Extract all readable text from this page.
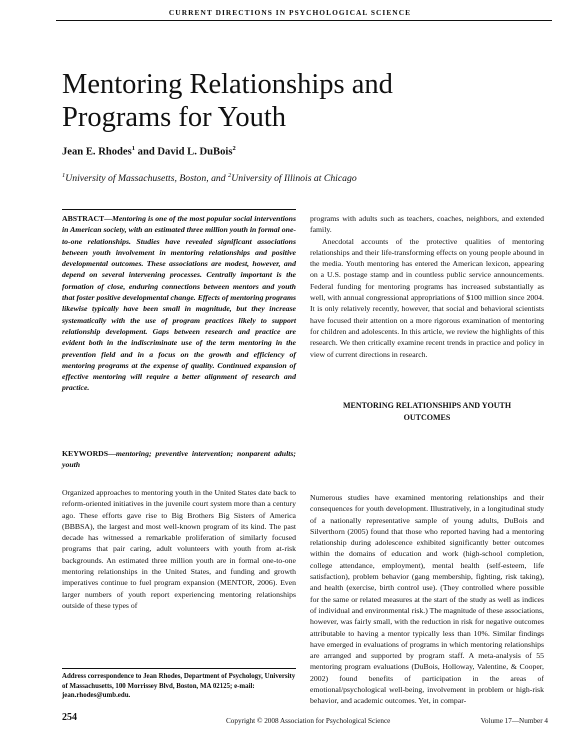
CURRENT DIRECTIONS IN PSYCHOLOGICAL SCIENCE
Mentoring Relationships and
Programs for Youth
Jean E. Rhodes$^1$ and David L. DuBois$^2$
$^1$University of Massachusetts, Boston, and $^2$University of Illinois at Chicago

ABSTRACT—Mentoring is one of the most popular social interventions in American society, with an estimated three million youth in formal one-to-one relationships. Studies have revealed significant associations between youth involvement in mentoring relationships and positive developmental outcomes. These associations are modest, however, and depend on several intervening processes. Centrally important is the formation of close, enduring connections between mentors and youth that foster positive developmental change. Effects of mentoring programs likewise typically have been small in magnitude, but they increase systematically with the use of program practices likely to support relationship development. Gaps between research and practice are evident both in the indiscriminate use of the term mentoring in the prevention field and in a focus on the growth and efficiency of mentoring programs at the expense of quality. Continued expansion of effective mentoring will require a better alignment of research and practice.

KEYWORDS—mentoring; preventive intervention; nonparent adults; youth

Organized approaches to mentoring youth in the United States date back to reform-oriented initiatives in the juvenile court system more than a century ago. These efforts gave rise to Big Brothers Big Sisters of America (BBBSA), the largest and most well-known program of its kind. The past decade has witnessed a remarkable proliferation of similarly focused programs that pair caring, adult volunteers with youth from at-risk backgrounds. An estimated three million youth are in formal one-to-one mentoring relationships in the United States, and funding and growth imperatives continue to fuel program expansion (MENTOR, 2006). Even larger numbers of youth report experiencing mentoring relationships outside of these types of

programs with adults such as teachers, coaches, neighbors, and extended family.

Anecdotal accounts of the protective qualities of mentoring relationships and their life-transforming effects on young people abound in the media. Youth mentoring has entered the American lexicon, appearing on a U.S. postage stamp and in countless public service announcements. Federal funding for mentoring programs has increased substantially as well, with annual congressional appropriations of $100 million since 2004. It is only relatively recently, however, that social and behavioral scientists have focused their attention on a more rigorous examination of mentoring for children and adolescents. In this article, we review the highlights of this research. We then critically examine recent trends in practice and policy in view of current directions in research.

MENTORING RELATIONSHIPS AND YOUTH
OUTCOMES

Numerous studies have examined mentoring relationships and their consequences for youth development. Illustratively, in a longitudinal study of a nationally representative sample of young adults, DuBois and Silverthorn (2005) found that those who reported having had a mentoring relationship during adolescence exhibited significantly better outcomes within the domains of education and work (high-school completion, college attendance, employment), mental health (self-esteem, life satisfaction), problem behavior (gang membership, fighting, risk taking), and health (exercise, birth control use). (They controlled where possible for the same or related measures at the start of the study as well as indices of individual and environmental risk.) The magnitude of these associations, however, was fairly small, with the reduction in risk for negative outcomes attributable to having a mentor typically less than 10%. Similar findings have emerged in evaluations of programs in which mentoring relationships are arranged and supported by program staff. A meta-analysis of 55 mentoring program evaluations (DuBois, Holloway, Valentine, & Cooper, 2002) found benefits of participation in the areas of emotional/psychological well-being, involvement in problem or high-risk behavior, and academic outcomes. Yet, in compar-

Address correspondence to Jean Rhodes, Department of Psychology, University of Massachusetts, 100 Morrissey Blvd, Boston, MA 02125; e-mail: jean.rhodes@umb.edu.
254	Copyright © 2008 Association for Psychological Science	Volume 17—Number 4
